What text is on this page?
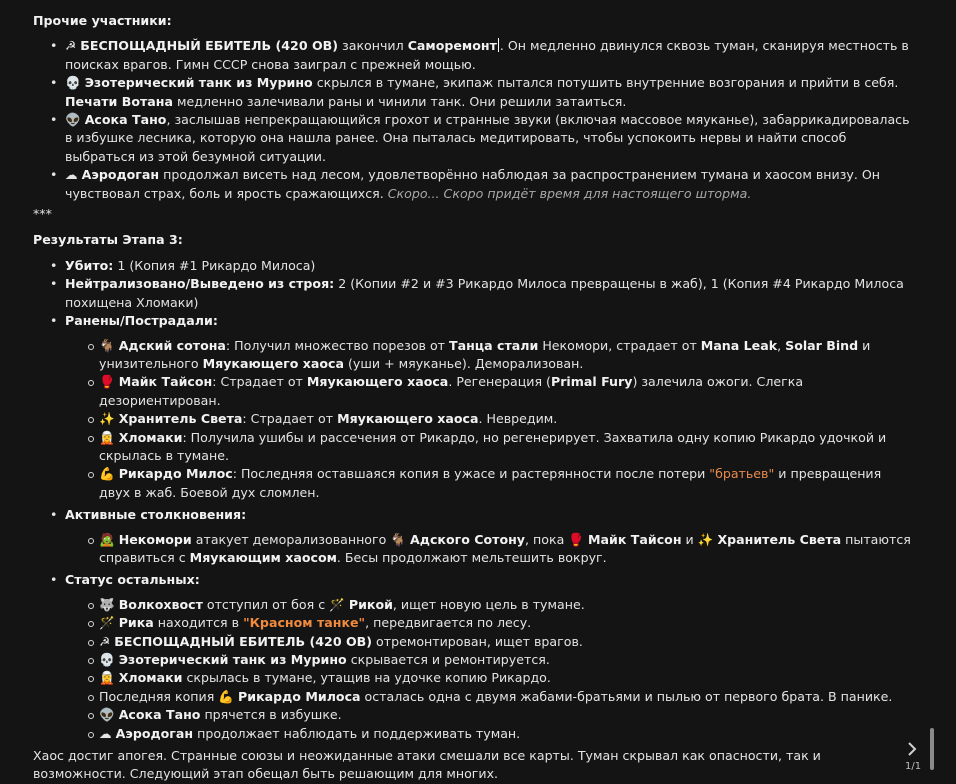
Прочие участники:

• ☭ БЕСПОЩАДНЫЙ ЕБИТЕЛЬ (420 ОВ) закончил Саморемонт . Он медленно двинулся сквозь туман, сканируя местность в поисках врагов. Гимн СССР снова заиграл с прежней мощью.
• 💀 Эзотерический танк из Мурино скрылся в тумане, экипаж пытался потушить внутренние возгорания и прийти в себя. Печати Вотана медленно залечивали раны и чинили танк. Они решили затаиться.
• 👽 Асока Тано, заслышав непрекращающийся грохот и странные звуки (включая массовое мяуканье), забаррикадировалась в избушке лесника, которую она нашла ранее. Она пыталась медитировать, чтобы успокоить нервы и найти способ выбраться из этой безумной ситуации.
• ☁ Аэродоган продолжал висеть над лесом, удовлетворённо наблюдая за распространением тумана и хаосом внизу. Он чувствовал страх, боль и ярость сражающихся. Скоро... Скоро придёт время для настоящего шторма.

***

Результаты Этапа 3:

• Убито: 1 (Копия #1 Рикардо Милоса)
• Нейтрализовано/Выведено из строя: 2 (Копии #2 и #3 Рикардо Милоса превращены в жаб), 1 (Копия #4 Рикардо Милоса похищена Хломаки)
• Ранены/Пострадали:
🐐 Адский сотона: Получил множество порезов от Танца стали Некомори, страдает от Mana Leak, Solar Bind и унизительного Мяукающего хаоса (уши + мяуканье). Деморализован.
🥊 Майк Тайсон: Страдает от Мяукающего хаоса. Регенерация (Primal Fury) залечила ожоги. Слегка дезориентирован.
✨ Хранитель Света: Страдает от Мяукающего хаоса. Невредим.
🧝 Хломаки: Получила ушибы и рассечения от Рикардо, но регенерирует. Захватила одну копию Рикардо удочкой и скрылась в тумане.
💪 Рикардо Милос: Последняя оставшаяся копия в ужасе и растерянности после потери "братьев" и превращения двух в жаб. Боевой дух сломлен.
• Активные столкновения:
🧟 Некомори атакует деморализованного 🐐 Адского Сотону, пока 🥊 Майк Тайсон и ✨ Хранитель Света пытаются справиться с Мяукающим хаосом. Бесы продолжают мельтешить вокруг.
• Статус остальных:
🐺 Волкохвост отступил от боя с 🪄 Рикой, ищет новую цель в тумане.
🪄 Рика находится в "Красном танке", передвигается по лесу.
☭ БЕСПОЩАДНЫЙ ЕБИТЕЛЬ (420 ОВ) отремонтирован, ищет врагов.
💀 Эзотерический танк из Мурино скрывается и ремонтируется.
🧝 Хломаки скрылась в тумане, утащив на удочке копию Рикардо.
Последняя копия 💪 Рикардо Милоса осталась одна с двумя жабами-братьями и пылью от первого брата. В панике.
👽 Асока Тано прячется в избушке.
☁ Аэродоган продолжает наблюдать и поддерживать туман.

Хаос достиг апогея. Странные союзы и неожиданные атаки смешали все карты. Туман скрывал как опасности, так и возможности. Следующий этап обещал быть решающим для многих.	1/1
